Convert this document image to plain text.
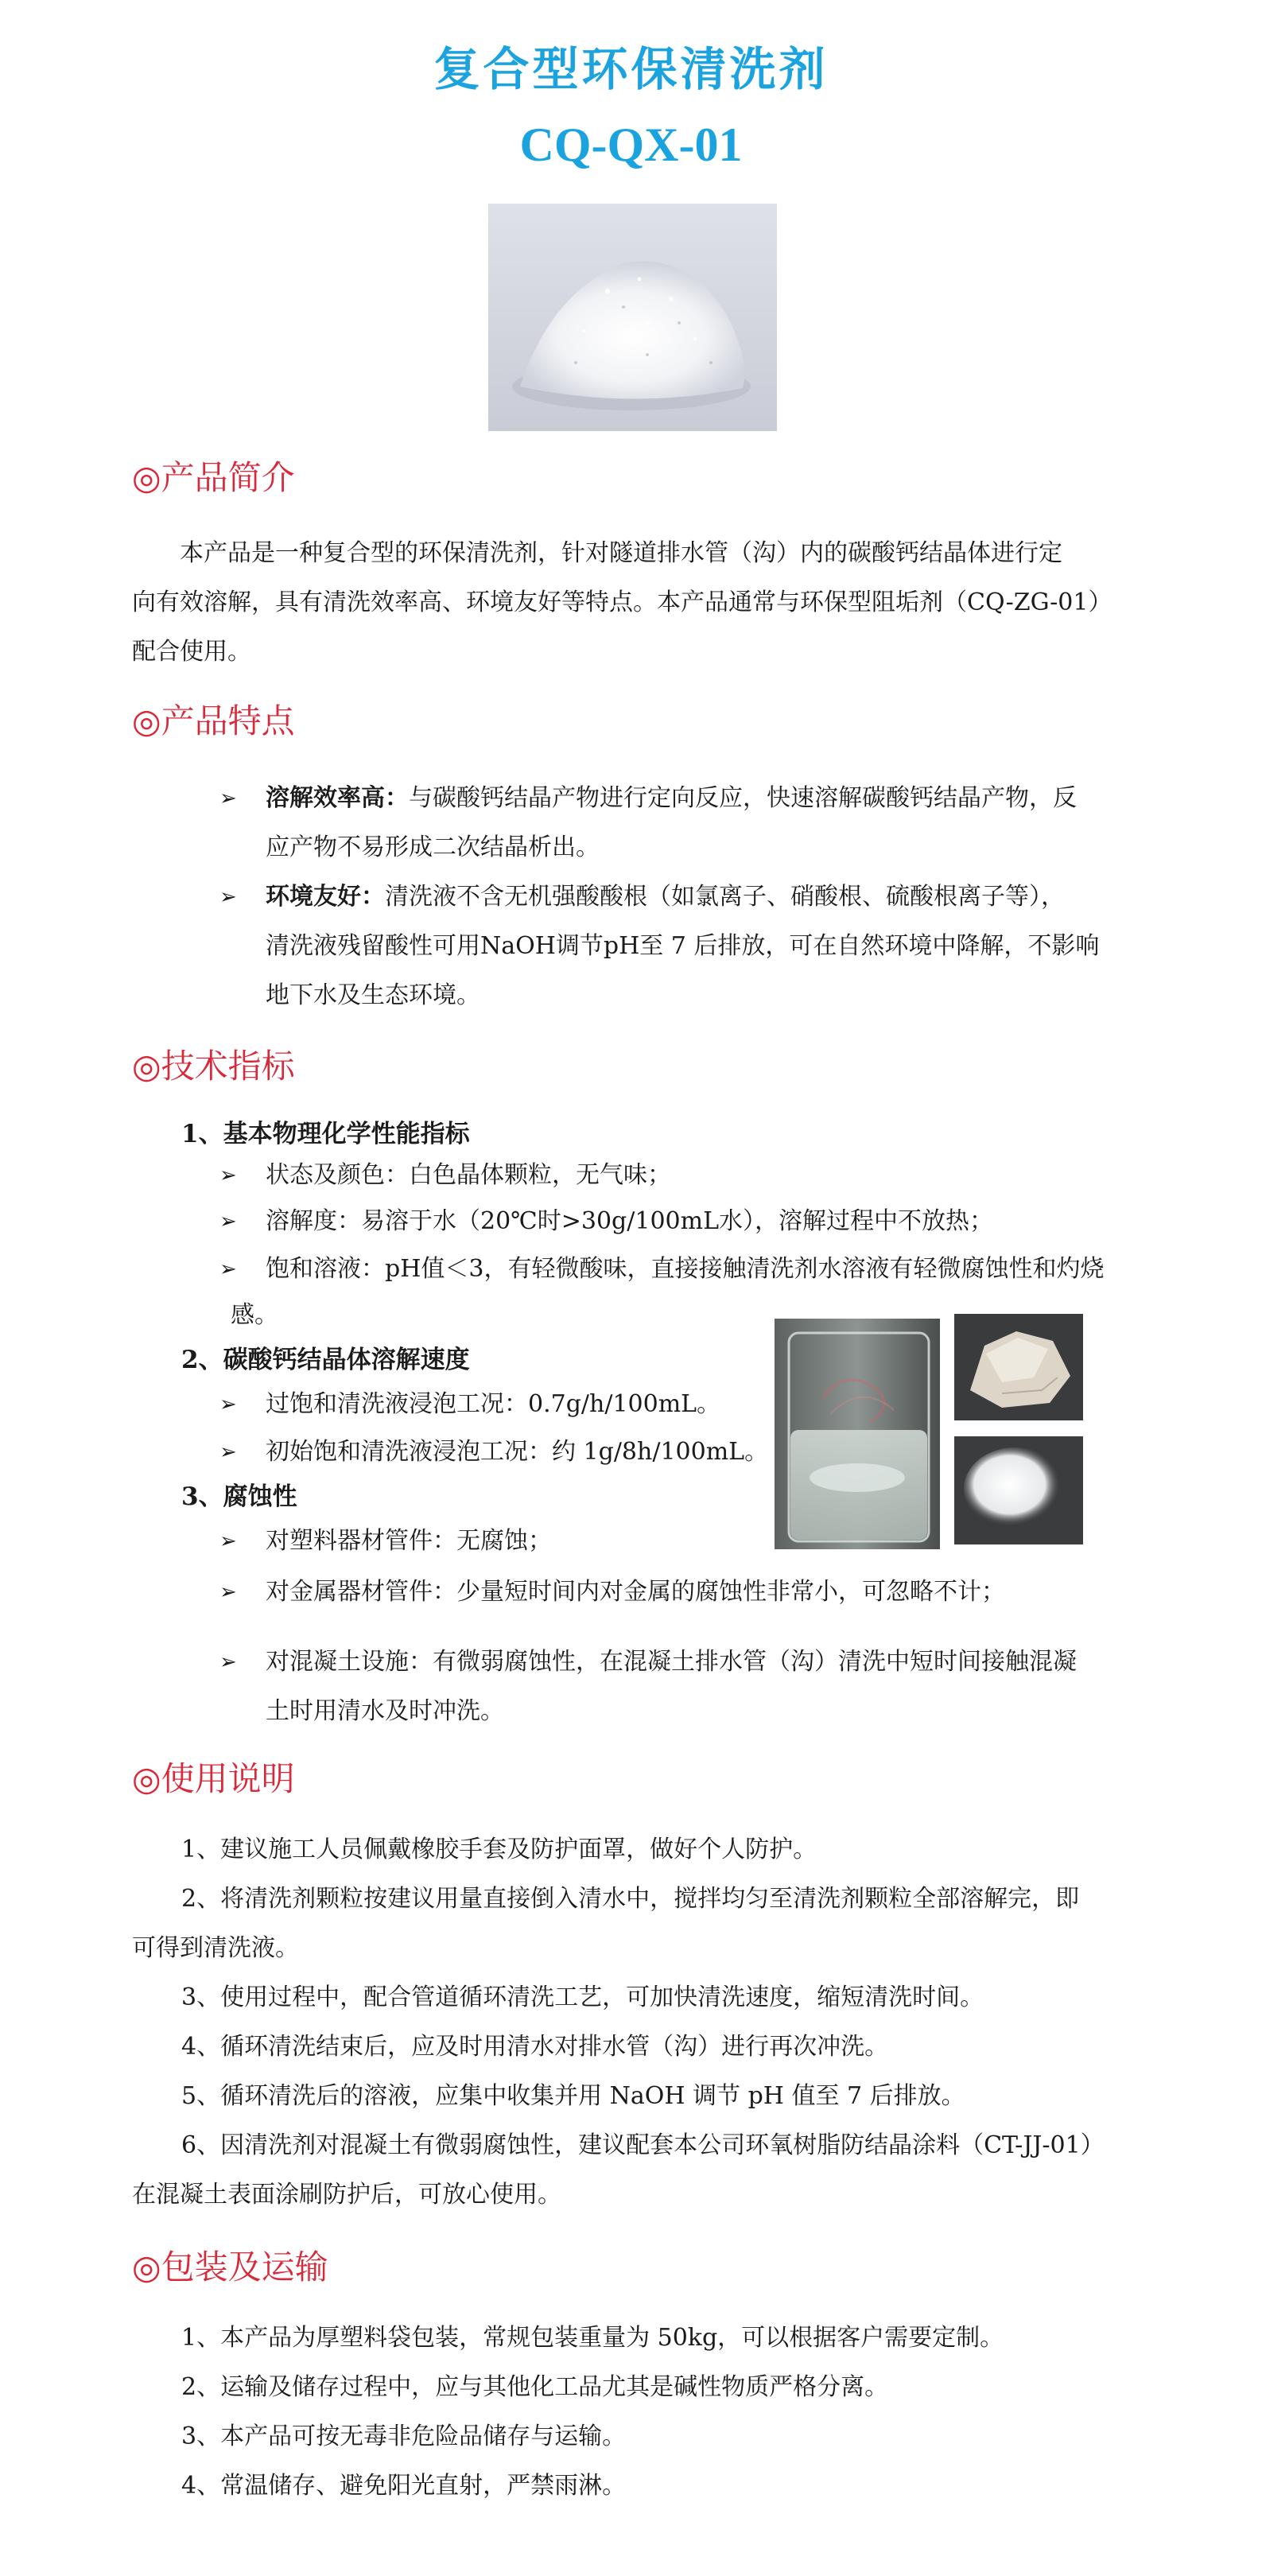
复合型环保清洗剂
CQ-QX-01
◎产品简介
本产品是一种复合型的环保清洗剂，针对隧道排水管（沟）内的碳酸钙结晶体进行定
向有效溶解，具有清洗效率高、环境友好等特点。本产品通常与环保型阻垢剂（CQ-ZG-01）
配合使用。
◎产品特点
➢ 溶解效率高：与碳酸钙结晶产物进行定向反应，快速溶解碳酸钙结晶产物，反
应产物不易形成二次结晶析出。
➢ 环境友好：清洗液不含无机强酸酸根（如氯离子、硝酸根、硫酸根离子等），
清洗液残留酸性可用NaOH调节pH至 7 后排放，可在自然环境中降解，不影响
地下水及生态环境。
◎技术指标
1、基本物理化学性能指标
➢ 状态及颜色：白色晶体颗粒，无气味；
➢ 溶解度：易溶于水（20℃时>30g/100mL水），溶解过程中不放热；
➢ 饱和溶液：pH值＜3，有轻微酸味，直接接触清洗剂水溶液有轻微腐蚀性和灼烧
感。
2、碳酸钙结晶体溶解速度
➢ 过饱和清洗液浸泡工况：0.7g/h/100mL。
➢ 初始饱和清洗液浸泡工况：约 1g/8h/100mL。
3、腐蚀性
➢ 对塑料器材管件：无腐蚀；
➢ 对金属器材管件：少量短时间内对金属的腐蚀性非常小，可忽略不计；
➢ 对混凝土设施：有微弱腐蚀性，在混凝土排水管（沟）清洗中短时间接触混凝
土时用清水及时冲洗。
◎使用说明
1、建议施工人员佩戴橡胶手套及防护面罩，做好个人防护。
2、将清洗剂颗粒按建议用量直接倒入清水中，搅拌均匀至清洗剂颗粒全部溶解完，即
可得到清洗液。
3、使用过程中，配合管道循环清洗工艺，可加快清洗速度，缩短清洗时间。
4、循环清洗结束后，应及时用清水对排水管（沟）进行再次冲洗。
5、循环清洗后的溶液，应集中收集并用 NaOH 调节 pH 值至 7 后排放。
6、因清洗剂对混凝土有微弱腐蚀性，建议配套本公司环氧树脂防结晶涂料（CT-JJ-01）
在混凝土表面涂刷防护后，可放心使用。
◎包装及运输
1、本产品为厚塑料袋包装，常规包装重量为 50kg，可以根据客户需要定制。
2、运输及储存过程中，应与其他化工品尤其是碱性物质严格分离。
3、本产品可按无毒非危险品储存与运输。
4、常温储存、避免阳光直射，严禁雨淋。
